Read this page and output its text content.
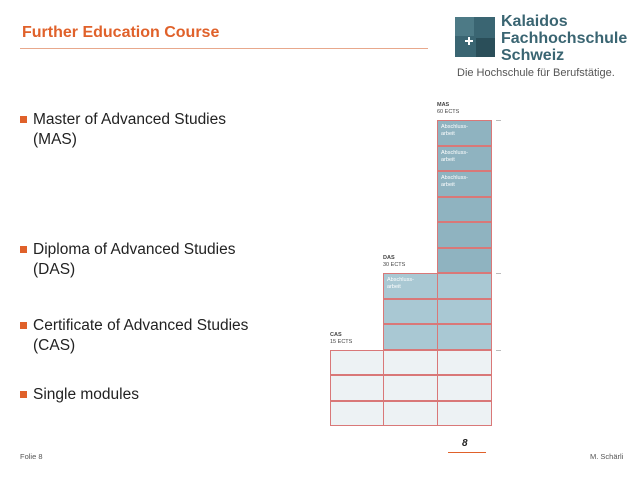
Further Education Course
Kalaidos
Fachhochschule
Schweiz
Die Hochschule für Berufstätige.
Master of Advanced Studies
(MAS)
Diploma of Advanced Studies
(DAS)
Certificate of Advanced Studies
(CAS)
Single modules
Abschluss-
arbeit
Abschluss-
arbeit
Abschluss-
arbeit
Abschluss-
arbeit
MAS
60 ECTS
DAS
30 ECTS
CAS
15 ECTS
Folie 8
8
M. Schärli
